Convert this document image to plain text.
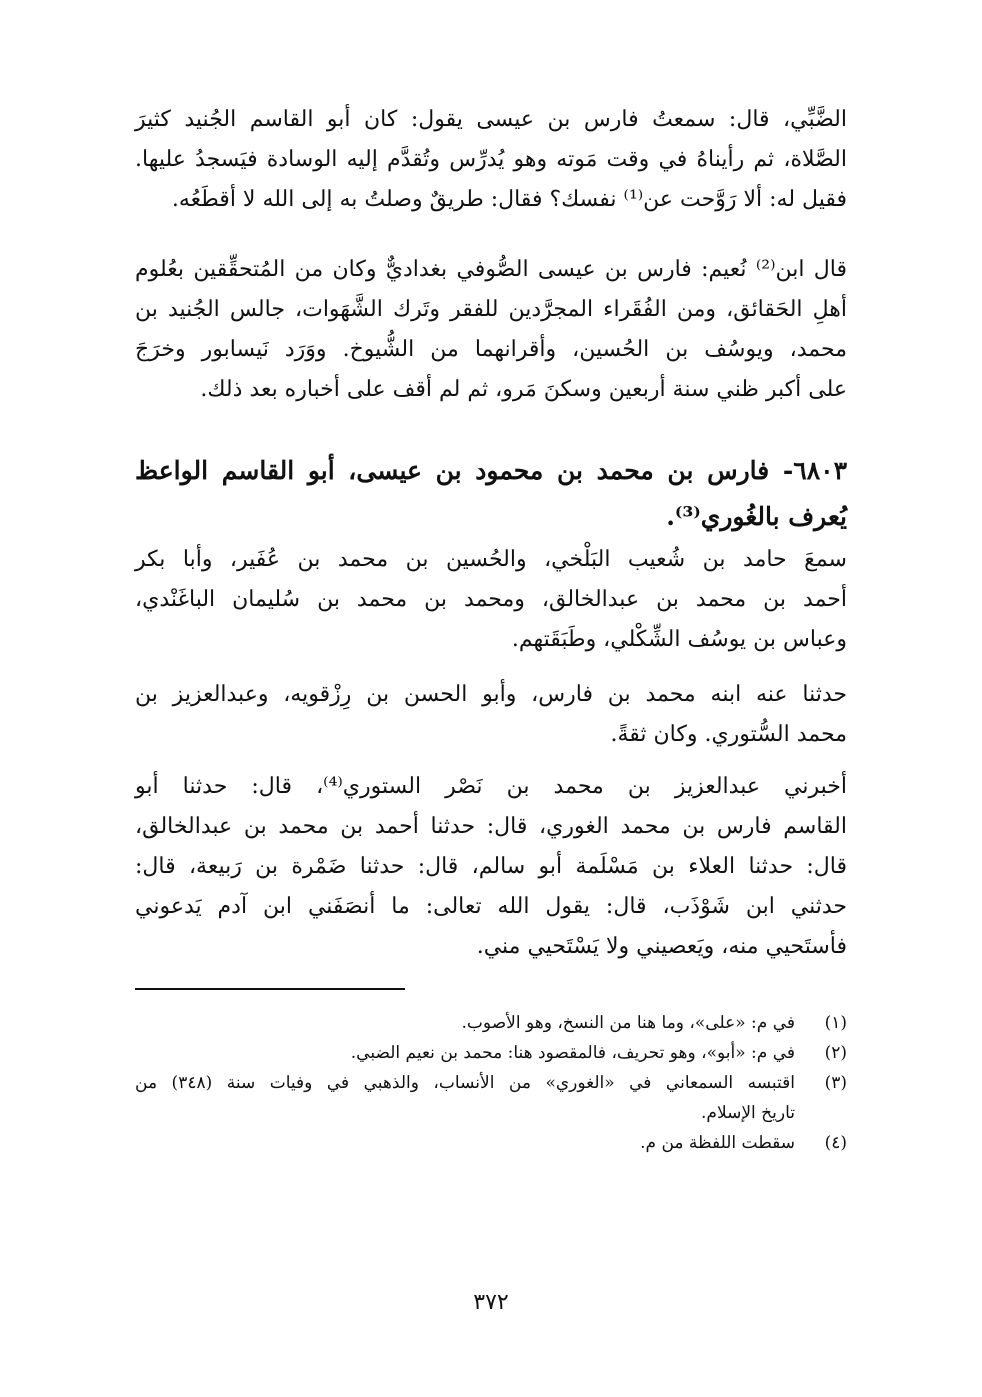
الضَّبِّي، قال: سمعتُ فارس بن عيسى يقول: كان أبو القاسم الجُنيد كثيرَ
الصَّلاة، ثم رأيناهُ في وقت مَوته وهو يُدرِّس وتُقدَّم إليه الوسادة فيَسجدُ عليها.
فقيل له: ألا رَوَّحت عن⁽¹⁾ نفسك؟ فقال: طريقٌ وصلتُ به إلى الله لا أقطَعُه.
قال ابن⁽²⁾ نُعيم: فارس بن عيسى الصُّوفي بغداديٌّ وكان من المُتحقِّقين بعُلوم
أهلِ الحَقائق، ومن الفُقَراء المجرَّدين للفقر وتَرك الشَّهَوات، جالس الجُنيد بن
محمد، ويوسُف بن الحُسين، وأقرانهما من الشُّيوخ. ووَرَد نَيسابور وخرَجَ
على أكبر ظني سنة أربعين وسكنَ مَرو، ثم لم أقف على أخباره بعد ذلك.
٦٨٠٣- فارس بن محمد بن محمود بن عيسى، أبو القاسم الواعظ
يُعرف بالغُوري⁽³⁾.
سمعَ حامد بن شُعيب البَلْخي، والحُسين بن محمد بن عُفَير، وأبا بكر
أحمد بن محمد بن عبدالخالق، ومحمد بن محمد بن سُليمان الباغَنْدي،
وعباس بن يوسُف الشِّكْلي، وطَبَقَتهم.
حدثنا عنه ابنه محمد بن فارس، وأبو الحسن بن رِزْقويه، وعبدالعزيز بن
محمد السُّتوري. وكان ثقةً.
أخبرني عبدالعزيز بن محمد بن نَصْر الستوري⁽⁴⁾، قال: حدثنا أبو
القاسم فارس بن محمد الغوري، قال: حدثنا أحمد بن محمد بن عبدالخالق،
قال: حدثنا العلاء بن مَسْلَمة أبو سالم، قال: حدثنا ضَمْرة بن رَبيعة، قال:
حدثني ابن شَوْذَب، قال: يقول الله تعالى: ما أنصَفَني ابن آدم يَدعوني
فأستَحيي منه، ويَعصيني ولا يَسْتَحيي مني.
(١)
في م: «على»، وما هنا من النسخ، وهو الأصوب.
(٢)
في م: «أبو»، وهو تحريف، فالمقصود هنا: محمد بن نعيم الضبي.
(٣)
اقتبسه السمعاني في «الغوري» من الأنساب، والذهبي في وفيات سنة (٣٤٨) من
تاريخ الإسلام.
(٤)
سقطت اللفظة من م.
٣٧٢
